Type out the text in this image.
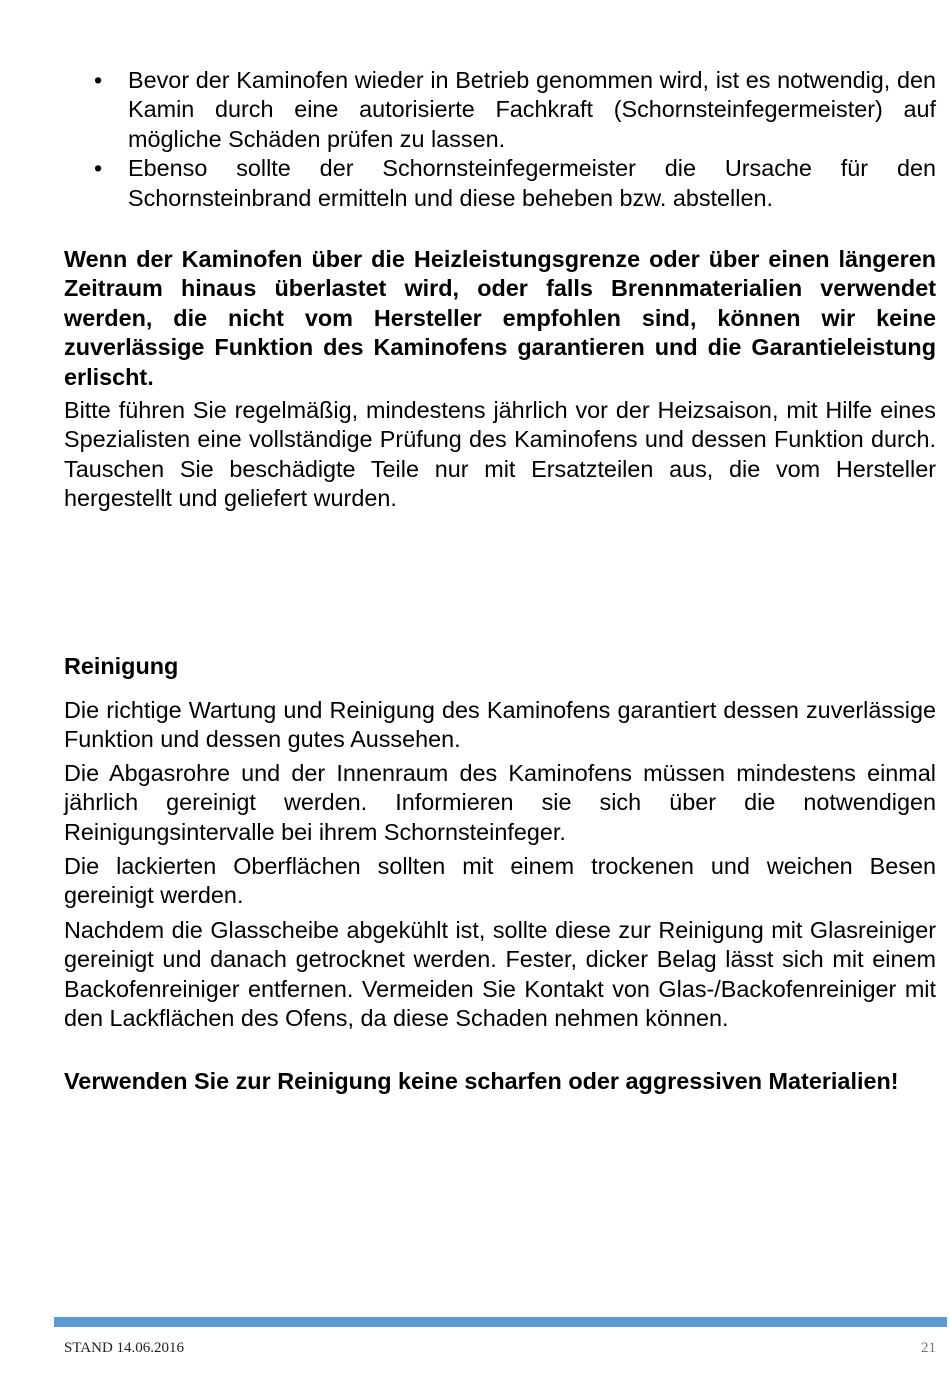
• Bevor der Kaminofen wieder in Betrieb genommen wird, ist es notwendig, den Kamin durch eine autorisierte Fachkraft (Schornsteinfegermeister) auf mögliche Schäden prüfen zu lassen.
• Ebenso sollte der Schornsteinfegermeister die Ursache für den Schornsteinbrand ermitteln und diese beheben bzw. abstellen.

Wenn der Kaminofen über die Heizleistungsgrenze oder über einen längeren Zeitraum hinaus überlastet wird, oder falls Brennmaterialien verwendet werden, die nicht vom Hersteller empfohlen sind, können wir keine zuverlässige Funktion des Kaminofens garantieren und die Garantieleistung erlischt.

Bitte führen Sie regelmäßig, mindestens jährlich vor der Heizsaison, mit Hilfe eines Spezialisten eine vollständige Prüfung des Kaminofens und dessen Funktion durch. Tauschen Sie beschädigte Teile nur mit Ersatzteilen aus, die vom Hersteller hergestellt und geliefert wurden.

Reinigung

Die richtige Wartung und Reinigung des Kaminofens garantiert dessen zuverlässige Funktion und dessen gutes Aussehen.

Die Abgasrohre und der Innenraum des Kaminofens müssen mindestens einmal jährlich gereinigt werden. Informieren sie sich über die notwendigen Reinigungsintervalle bei ihrem Schornsteinfeger.

Die lackierten Oberflächen sollten mit einem trockenen und weichen Besen gereinigt werden.

Nachdem die Glasscheibe abgekühlt ist, sollte diese zur Reinigung mit Glasreiniger gereinigt und danach getrocknet werden. Fester, dicker Belag lässt sich mit einem Backofenreiniger entfernen. Vermeiden Sie Kontakt von Glas-/Backofenreiniger mit den Lackflächen des Ofens, da diese Schaden nehmen können.

Verwenden Sie zur Reinigung keine scharfen oder aggressiven Materialien!

STAND 14.06.2016	21
